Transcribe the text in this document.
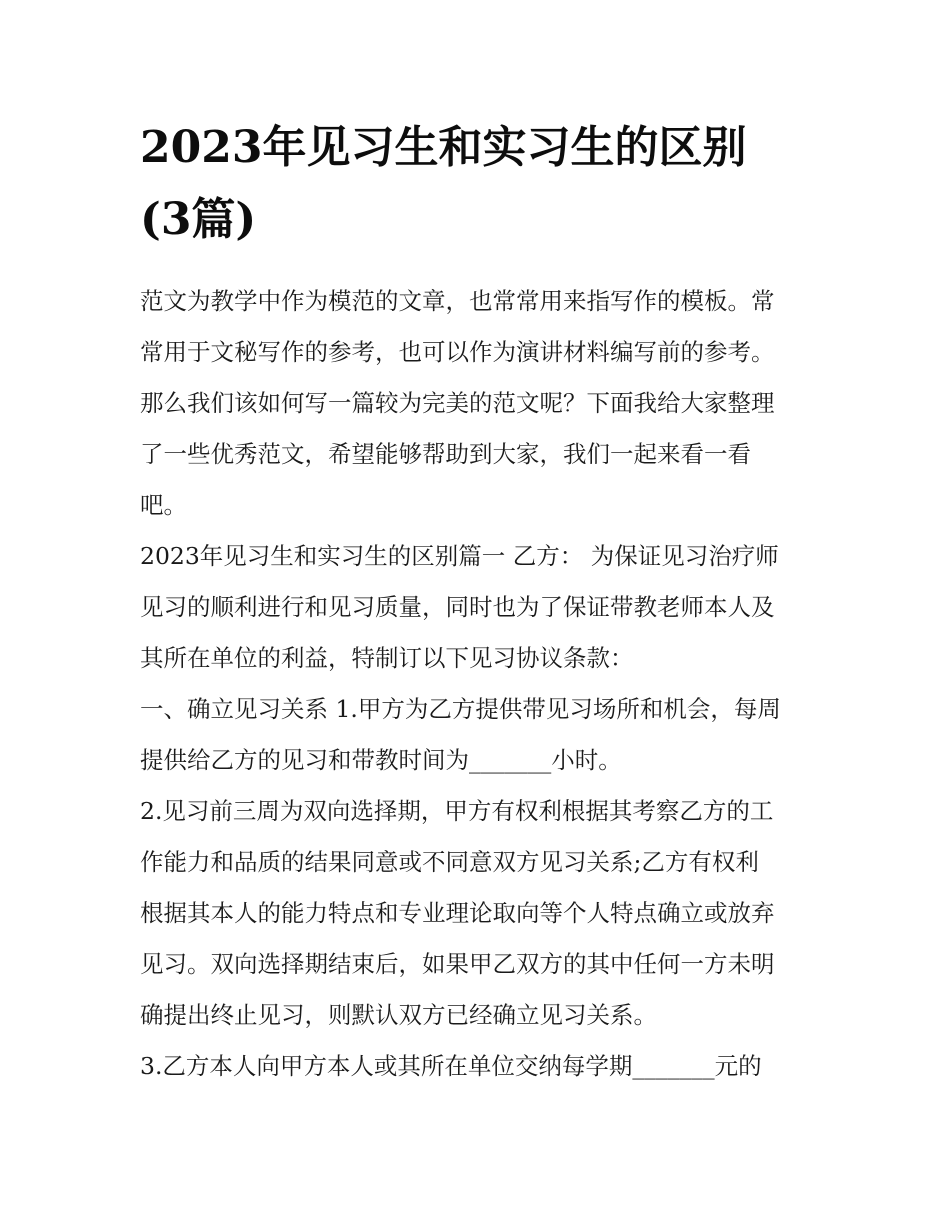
2023年见习生和实习生的区别
(3篇)

范文为教学中作为模范的文章，也常常用来指写作的模板。常
常用于文秘写作的参考，也可以作为演讲材料编写前的参考。
那么我们该如何写一篇较为完美的范文呢？下面我给大家整理
了一些优秀范文，希望能够帮助到大家，我们一起来看一看
吧。

2023年见习生和实习生的区别篇一 乙方： 为保证见习治疗师
见习的顺利进行和见习质量，同时也为了保证带教老师本人及
其所在单位的利益，特制订以下见习协议条款：

一、确立见习关系 1.甲方为乙方提供带见习场所和机会，每周
提供给乙方的见习和带教时间为_______小时。

2.见习前三周为双向选择期，甲方有权利根据其考察乙方的工
作能力和品质的结果同意或不同意双方见习关系;乙方有权利
根据其本人的能力特点和专业理论取向等个人特点确立或放弃
见习。双向选择期结束后，如果甲乙双方的其中任何一方未明
确提出终止见习，则默认双方已经确立见习关系。

3.乙方本人向甲方本人或其所在单位交纳每学期_______元的
